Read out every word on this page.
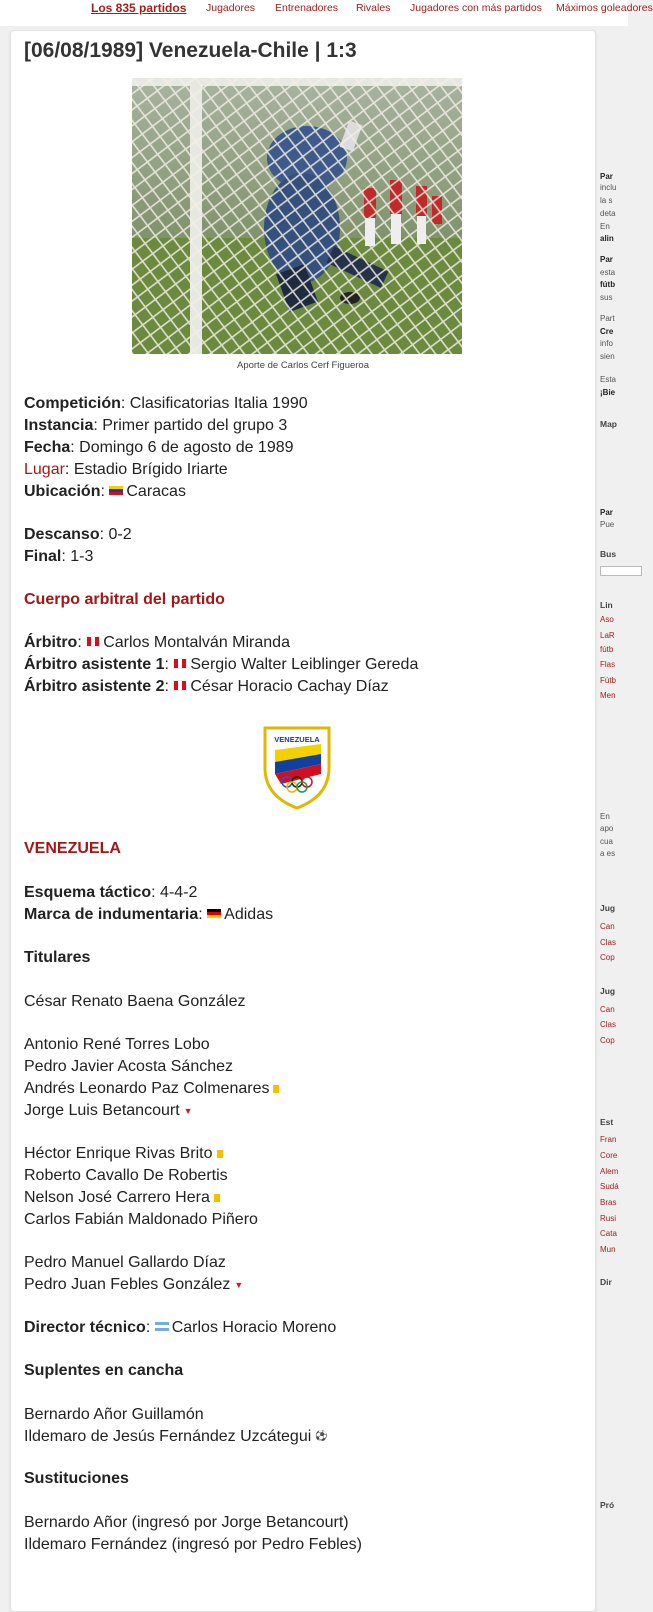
Los 835 partidos Jugadores Entrenadores Rivales Jugadores con más partidos Máximos goleadores
[06/08/1989] Venezuela-Chile | 1:3
Aporte de Carlos Cerf Figueroa
Competición: Clasificatorias Italia 1990
Instancia: Primer partido del grupo 3
Fecha: Domingo 6 de agosto de 1989
Lugar: Estadio Brígido Iriarte
Ubicación: Caracas
Descanso: 0-2
Final: 1-3
Cuerpo arbitral del partido
Árbitro: Carlos Montalván Miranda
Árbitro asistente 1: Sergio Walter Leiblinger Gereda
Árbitro asistente 2: César Horacio Cachay Díaz
VENEZUELA
VENEZUELA
Esquema táctico: 4-4-2
Marca de indumentaria: Adidas
Titulares
César Renato Baena González
Antonio René Torres Lobo
Pedro Javier Acosta Sánchez
Andrés Leonardo Paz Colmenares
Jorge Luis Betancourt ▼
Héctor Enrique Rivas Brito
Roberto Cavallo De Robertis
Nelson José Carrero Hera
Carlos Fabián Maldonado Piñero
Pedro Manuel Gallardo Díaz
Pedro Juan Febles González ▼
Director técnico: Carlos Horacio Moreno
Suplentes en cancha
Bernardo Añor Guillamón
Ildemaro de Jesús Fernández Uzcátegui ⚽
Sustituciones
Bernardo Añor (ingresó por Jorge Betancourt)
Ildemaro Fernández (ingresó por Pedro Febles)
Par
inclu
la s
deta
En
alin
Par
esta
fútb
sus
Part
Cre
info
sien
Esta
¡Bie
Map
Par
Pue
Bus
Lin
Aso
LaR
fútb
Flas
Fútb
Men
En
apo
cua
a es
Jug
Can
Clas
Cop
Jug
Can
Clas
Cop
Est
Fran
Core
Alem
Sudá
Bras
Rusi
Cata
Mun
Dir
Pró
